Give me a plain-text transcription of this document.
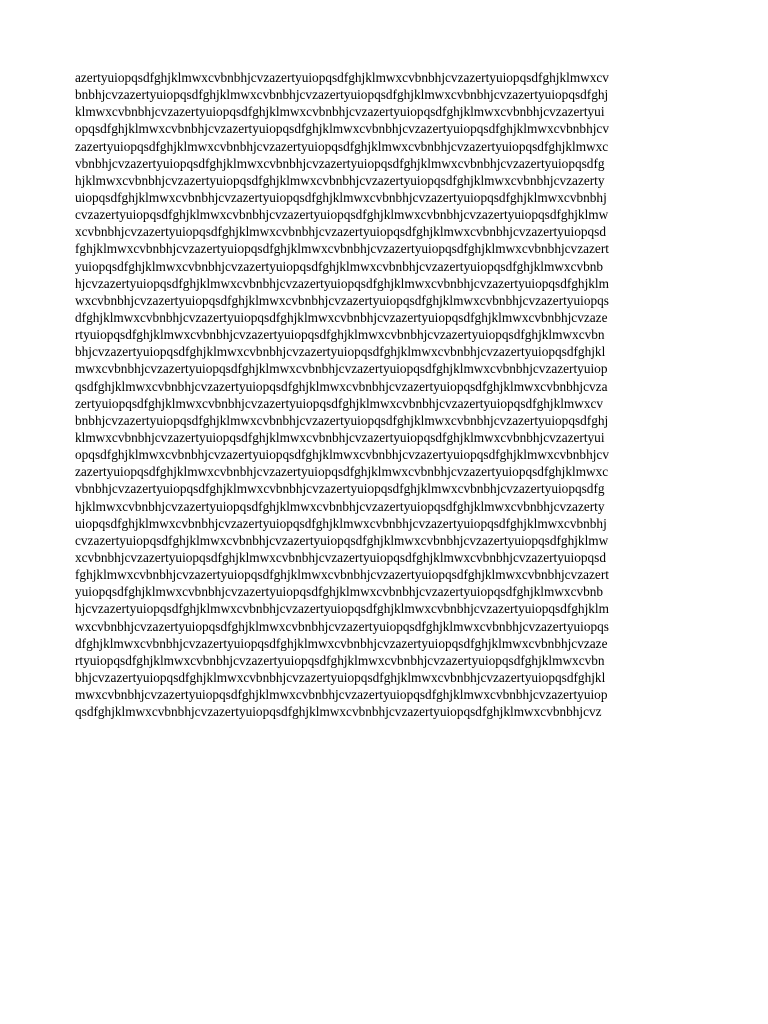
azertyuiopqsdfghjklmwxcvbnbhjcvzazertyuiopqsdfghjklmwxcvbnbhjcvzazertyuiopqsdfghjklmwxcv
bnbhjcvzazertyuiopqsdfghjklmwxcvbnbhjcvzazertyuiopqsdfghjklmwxcvbnbhjcvzazertyuiopqsdfghj
klmwxcvbnbhjcvzazertyuiopqsdfghjklmwxcvbnbhjcvzazertyuiopqsdfghjklmwxcvbnbhjcvzazertyui
opqsdfghjklmwxcvbnbhjcvzazertyuiopqsdfghjklmwxcvbnbhjcvzazertyuiopqsdfghjklmwxcvbnbhjcv
zazertyuiopqsdfghjklmwxcvbnbhjcvzazertyuiopqsdfghjklmwxcvbnbhjcvzazertyuiopqsdfghjklmwxc
vbnbhjcvzazertyuiopqsdfghjklmwxcvbnbhjcvzazertyuiopqsdfghjklmwxcvbnbhjcvzazertyuiopqsdfg
hjklmwxcvbnbhjcvzazertyuiopqsdfghjklmwxcvbnbhjcvzazertyuiopqsdfghjklmwxcvbnbhjcvzazerty
uiopqsdfghjklmwxcvbnbhjcvzazertyuiopqsdfghjklmwxcvbnbhjcvzazertyuiopqsdfghjklmwxcvbnbhj
cvzazertyuiopqsdfghjklmwxcvbnbhjcvzazertyuiopqsdfghjklmwxcvbnbhjcvzazertyuiopqsdfghjklmw
xcvbnbhjcvzazertyuiopqsdfghjklmwxcvbnbhjcvzazertyuiopqsdfghjklmwxcvbnbhjcvzazertyuiopqsd
fghjklmwxcvbnbhjcvzazertyuiopqsdfghjklmwxcvbnbhjcvzazertyuiopqsdfghjklmwxcvbnbhjcvzazert
yuiopqsdfghjklmwxcvbnbhjcvzazertyuiopqsdfghjklmwxcvbnbhjcvzazertyuiopqsdfghjklmwxcvbnb
hjcvzazertyuiopqsdfghjklmwxcvbnbhjcvzazertyuiopqsdfghjklmwxcvbnbhjcvzazertyuiopqsdfghjklm
wxcvbnbhjcvzazertyuiopqsdfghjklmwxcvbnbhjcvzazertyuiopqsdfghjklmwxcvbnbhjcvzazertyuiopqs
dfghjklmwxcvbnbhjcvzazertyuiopqsdfghjklmwxcvbnbhjcvzazertyuiopqsdfghjklmwxcvbnbhjcvzaze
rtyuiopqsdfghjklmwxcvbnbhjcvzazertyuiopqsdfghjklmwxcvbnbhjcvzazertyuiopqsdfghjklmwxcvbn
bhjcvzazertyuiopqsdfghjklmwxcvbnbhjcvzazertyuiopqsdfghjklmwxcvbnbhjcvzazertyuiopqsdfghjkl
mwxcvbnbhjcvzazertyuiopqsdfghjklmwxcvbnbhjcvzazertyuiopqsdfghjklmwxcvbnbhjcvzazertyuiop
qsdfghjklmwxcvbnbhjcvzazertyuiopqsdfghjklmwxcvbnbhjcvzazertyuiopqsdfghjklmwxcvbnbhjcvza
zertyuiopqsdfghjklmwxcvbnbhjcvzazertyuiopqsdfghjklmwxcvbnbhjcvzazertyuiopqsdfghjklmwxcv
bnbhjcvzazertyuiopqsdfghjklmwxcvbnbhjcvzazertyuiopqsdfghjklmwxcvbnbhjcvzazertyuiopqsdfghj
klmwxcvbnbhjcvzazertyuiopqsdfghjklmwxcvbnbhjcvzazertyuiopqsdfghjklmwxcvbnbhjcvzazertyui
opqsdfghjklmwxcvbnbhjcvzazertyuiopqsdfghjklmwxcvbnbhjcvzazertyuiopqsdfghjklmwxcvbnbhjcv
zazertyuiopqsdfghjklmwxcvbnbhjcvzazertyuiopqsdfghjklmwxcvbnbhjcvzazertyuiopqsdfghjklmwxc
vbnbhjcvzazertyuiopqsdfghjklmwxcvbnbhjcvzazertyuiopqsdfghjklmwxcvbnbhjcvzazertyuiopqsdfg
hjklmwxcvbnbhjcvzazertyuiopqsdfghjklmwxcvbnbhjcvzazertyuiopqsdfghjklmwxcvbnbhjcvzazerty
uiopqsdfghjklmwxcvbnbhjcvzazertyuiopqsdfghjklmwxcvbnbhjcvzazertyuiopqsdfghjklmwxcvbnbhj
cvzazertyuiopqsdfghjklmwxcvbnbhjcvzazertyuiopqsdfghjklmwxcvbnbhjcvzazertyuiopqsdfghjklmw
xcvbnbhjcvzazertyuiopqsdfghjklmwxcvbnbhjcvzazertyuiopqsdfghjklmwxcvbnbhjcvzazertyuiopqsd
fghjklmwxcvbnbhjcvzazertyuiopqsdfghjklmwxcvbnbhjcvzazertyuiopqsdfghjklmwxcvbnbhjcvzazert
yuiopqsdfghjklmwxcvbnbhjcvzazertyuiopqsdfghjklmwxcvbnbhjcvzazertyuiopqsdfghjklmwxcvbnb
hjcvzazertyuiopqsdfghjklmwxcvbnbhjcvzazertyuiopqsdfghjklmwxcvbnbhjcvzazertyuiopqsdfghjklm
wxcvbnbhjcvzazertyuiopqsdfghjklmwxcvbnbhjcvzazertyuiopqsdfghjklmwxcvbnbhjcvzazertyuiopqs
dfghjklmwxcvbnbhjcvzazertyuiopqsdfghjklmwxcvbnbhjcvzazertyuiopqsdfghjklmwxcvbnbhjcvzaze
rtyuiopqsdfghjklmwxcvbnbhjcvzazertyuiopqsdfghjklmwxcvbnbhjcvzazertyuiopqsdfghjklmwxcvbn
bhjcvzazertyuiopqsdfghjklmwxcvbnbhjcvzazertyuiopqsdfghjklmwxcvbnbhjcvzazertyuiopqsdfghjkl
mwxcvbnbhjcvzazertyuiopqsdfghjklmwxcvbnbhjcvzazertyuiopqsdfghjklmwxcvbnbhjcvzazertyuiop
qsdfghjklmwxcvbnbhjcvzazertyuiopqsdfghjklmwxcvbnbhjcvzazertyuiopqsdfghjklmwxcvbnbhjcvz
